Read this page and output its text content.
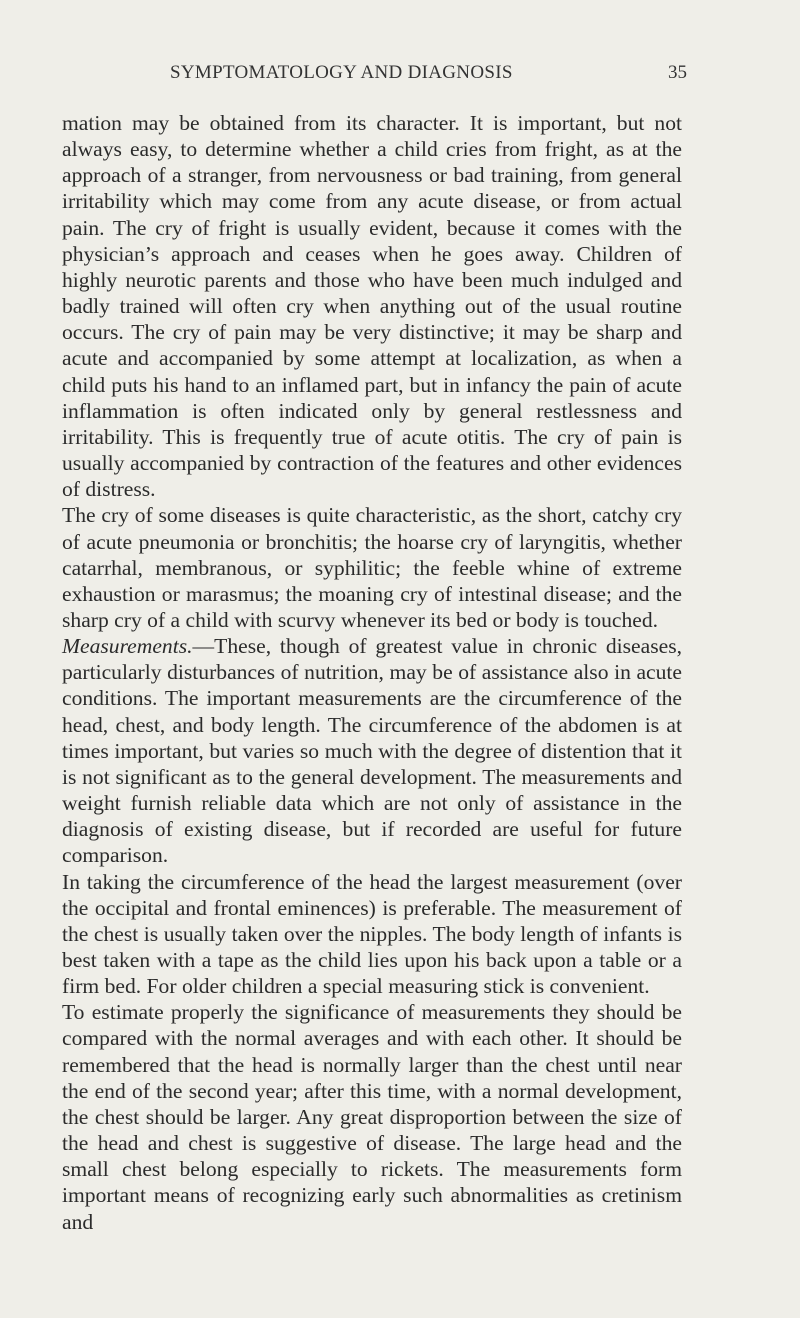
SYMPTOMATOLOGY AND DIAGNOSIS	35

mation may be obtained from its character. It is important, but not always easy, to determine whether a child cries from fright, as at the approach of a stranger, from nervousness or bad training, from general irritability which may come from any acute disease, or from actual pain. The cry of fright is usually evident, because it comes with the physician’s approach and ceases when he goes away. Children of highly neurotic parents and those who have been much indulged and badly trained will often cry when anything out of the usual routine occurs. The cry of pain may be very distinctive; it may be sharp and acute and accompanied by some attempt at localization, as when a child puts his hand to an inflamed part, but in infancy the pain of acute inflammation is often indicated only by general restlessness and irritability. This is frequently true of acute otitis. The cry of pain is usually accompanied by contraction of the features and other evidences of distress.

The cry of some diseases is quite characteristic, as the short, catchy cry of acute pneumonia or bronchitis; the hoarse cry of laryngitis, whether catarrhal, membranous, or syphilitic; the feeble whine of extreme exhaustion or marasmus; the moaning cry of intestinal disease; and the sharp cry of a child with scurvy whenever its bed or body is touched.

Measurements.—These, though of greatest value in chronic diseases, particularly disturbances of nutrition, may be of assistance also in acute conditions. The important measurements are the circumference of the head, chest, and body length. The circumference of the abdomen is at times important, but varies so much with the degree of distention that it is not significant as to the general development. The measurements and weight furnish reliable data which are not only of assistance in the diagnosis of existing disease, but if recorded are useful for future comparison.

In taking the circumference of the head the largest measurement (over the occipital and frontal eminences) is preferable. The measurement of the chest is usually taken over the nipples. The body length of infants is best taken with a tape as the child lies upon his back upon a table or a firm bed. For older children a special measuring stick is convenient.

To estimate properly the significance of measurements they should be compared with the normal averages and with each other. It should be remembered that the head is normally larger than the chest until near the end of the second year; after this time, with a normal development, the chest should be larger. Any great disproportion between the size of the head and chest is suggestive of disease. The large head and the small chest belong especially to rickets. The measurements form important means of recognizing early such abnormalities as cretinism and
